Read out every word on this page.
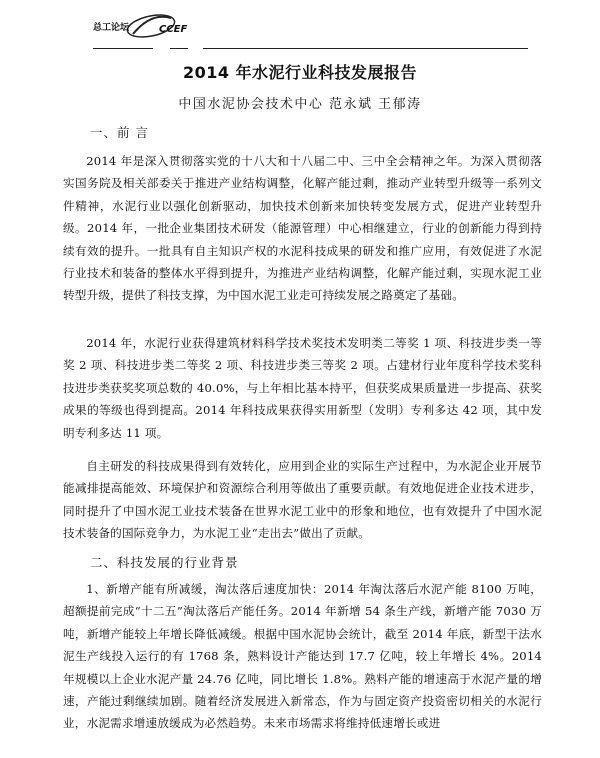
总工论坛	CCEF
2014 年水泥行业科技发展报告
中国水泥协会技术中心 范永斌 王郁涛
一、前 言

2014 年是深入贯彻落实党的十八大和十八届二中、三中全会精神之年。为深入贯彻落实国务院及相关部委关于推进产业结构调整，化解产能过剩，推动产业转型升级等一系列文件精神，水泥行业以强化创新驱动，加快技术创新来加快转变发展方式，促进产业转型升级。2014 年，一批企业集团技术研发（能源管理）中心相继建立，行业的创新能力得到持续有效的提升。一批具有自主知识产权的水泥科技成果的研发和推广应用，有效促进了水泥行业技术和装备的整体水平得到提升，为推进产业结构调整，化解产能过剩，实现水泥工业转型升级，提供了科技支撑，为中国水泥工业走可持续发展之路奠定了基础。

2014 年，水泥行业获得建筑材料科学技术奖技术发明类二等奖 1 项、科技进步类一等奖 2 项、科技进步类二等奖 2 项、科技进步类三等奖 2 项。占建材行业年度科学技术奖科技进步类获奖奖项总数的 40.0%，与上年相比基本持平，但获奖成果质量进一步提高、获奖成果的等级也得到提高。2014 年科技成果获得实用新型（发明）专利多达 42 项，其中发明专利多达 11 项。

自主研发的科技成果得到有效转化，应用到企业的实际生产过程中，为水泥企业开展节能减排提高能效、环境保护和资源综合利用等做出了重要贡献。有效地促进企业技术进步，同时提升了中国水泥工业技术装备在世界水泥工业中的形象和地位，也有效提升了中国水泥技术装备的国际竞争力，为水泥工业“走出去”做出了贡献。

二、科技发展的行业背景

1、新增产能有所减缓，淘汰落后速度加快：2014 年淘汰落后水泥产能 8100 万吨，超额提前完成“十二五”淘汰落后产能任务。2014 年新增 54 条生产线，新增产能 7030 万吨，新增产能较上年增长降低减缓。根据中国水泥协会统计，截至 2014 年底，新型干法水泥生产线投入运行的有 1768 条，熟料设计产能达到 17.7 亿吨，较上年增长 4%。2014 年规模以上企业水泥产量 24.76 亿吨，同比增长 1.8%。熟料产能的增速高于水泥产量的增速，产能过剩继续加剧。随着经济发展进入新常态，作为与固定资产投资密切相关的水泥行业，水泥需求增速放缓成为必然趋势。未来市场需求将维持低速增长或进
